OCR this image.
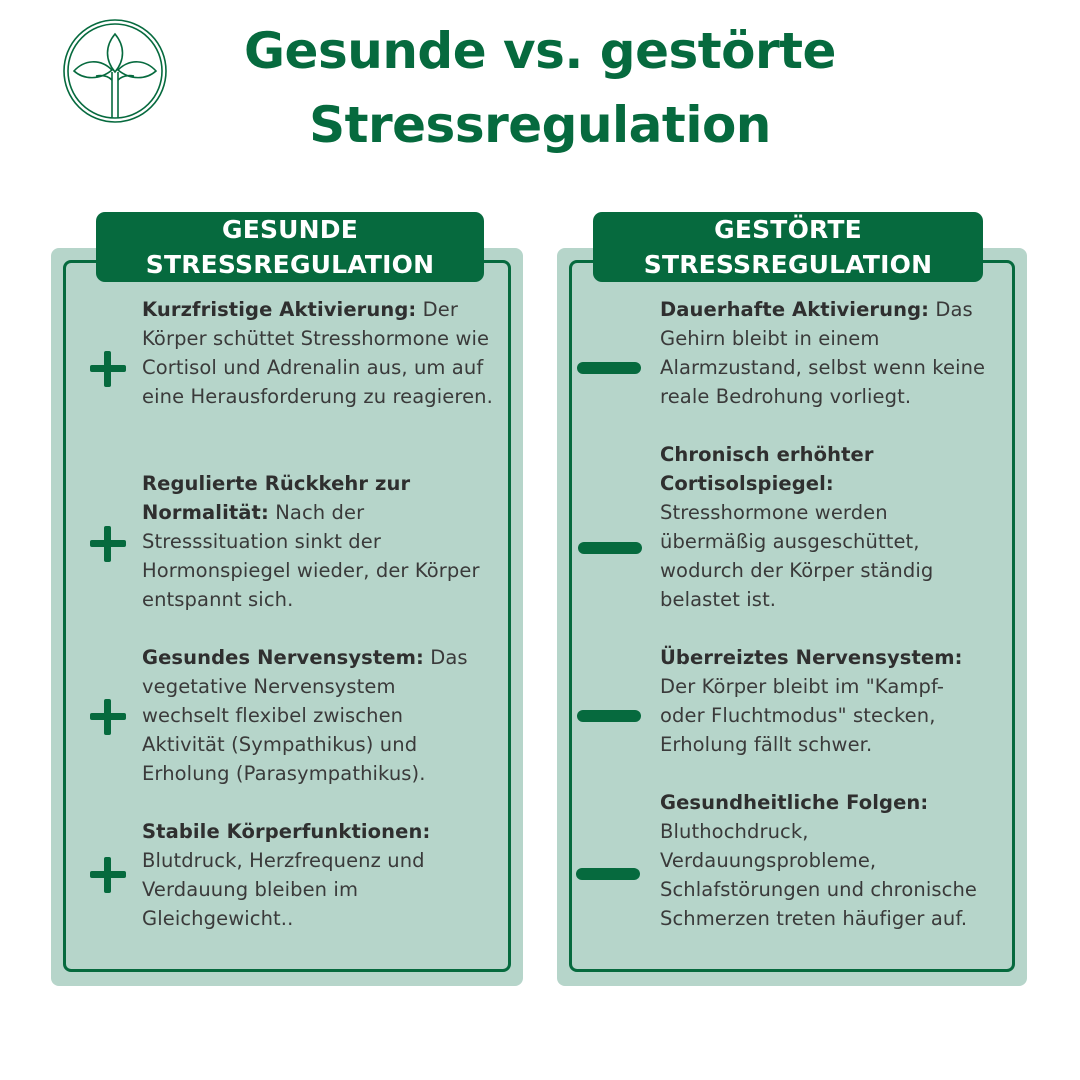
Gesunde vs. gestörte
Stressregulation
GESUNDE
STRESSREGULATION
GESTÖRTE
STRESSREGULATION

Kurzfristige Aktivierung: Der Körper schüttet Stresshormone wie Cortisol und Adrenalin aus, um auf eine Herausforderung zu reagieren.

Regulierte Rückkehr zur Normalität: Nach der Stresssituation sinkt der Hormonspiegel wieder, der Körper entspannt sich.

Gesundes Nervensystem: Das vegetative Nervensystem wechselt flexibel zwischen Aktivität (Sympathikus) und Erholung (Parasympathikus).

Stabile Körperfunktionen: Blutdruck, Herzfrequenz und Verdauung bleiben im Gleichgewicht..

Dauerhafte Aktivierung: Das Gehirn bleibt in einem Alarmzustand, selbst wenn keine reale Bedrohung vorliegt.

Chronisch erhöhter Cortisolspiegel: Stresshormone werden übermäßig ausgeschüttet, wodurch der Körper ständig belastet ist.

Überreiztes Nervensystem: Der Körper bleibt im "Kampf- oder Fluchtmodus" stecken, Erholung fällt schwer.

Gesundheitliche Folgen: Bluthochdruck, Verdauungsprobleme, Schlafstörungen und chronische Schmerzen treten häufiger auf.
